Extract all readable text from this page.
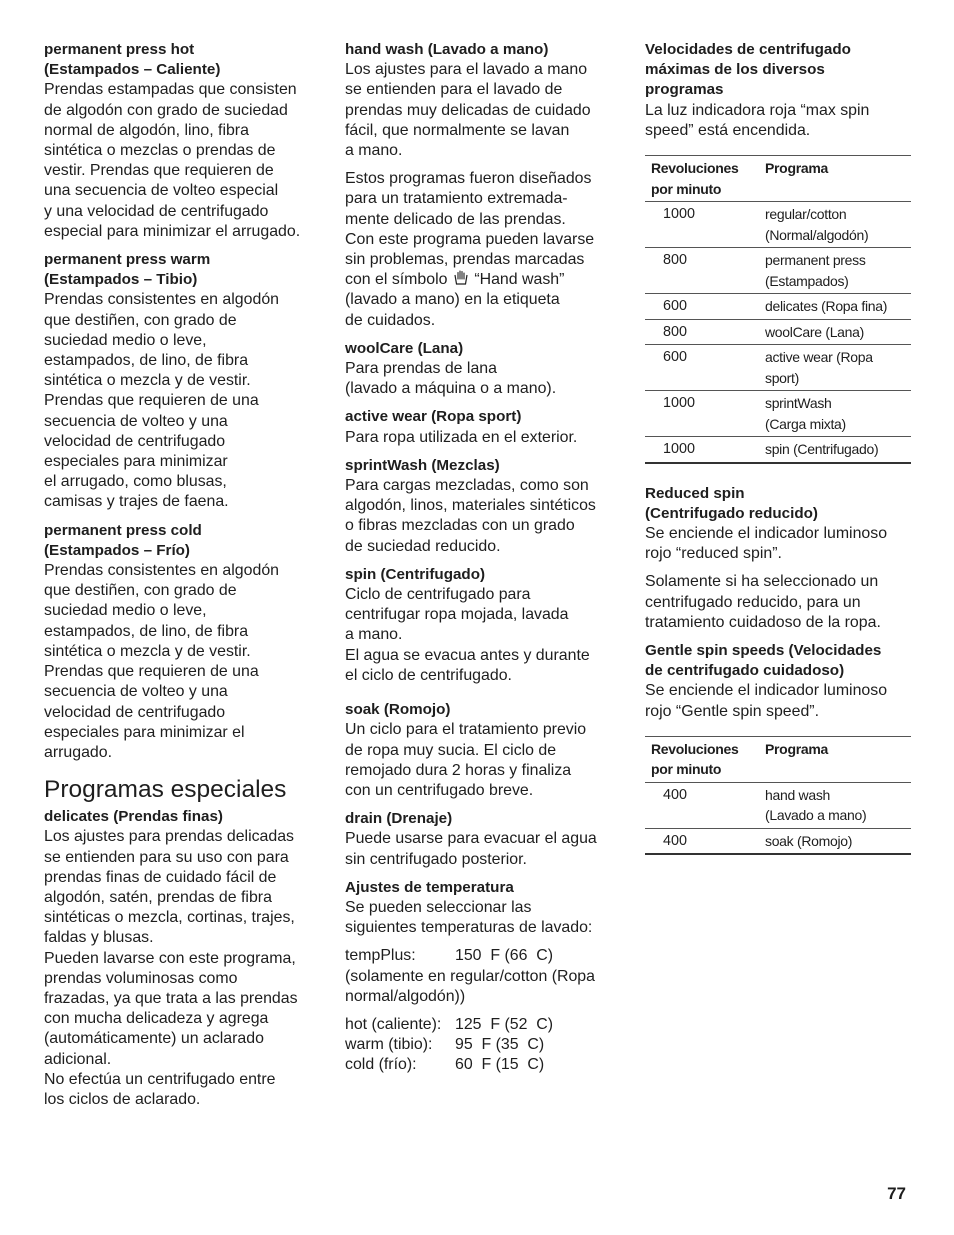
permanent press hot
(Estampados – Caliente)
Prendas estampadas que consisten
de algodón con grado de suciedad
normal de algodón, lino, fibra
sintética o mezclas o prendas de
vestir. Prendas que requieren de
una secuencia de volteo especial
y una velocidad de centrifugado
especial para minimizar el arrugado.
permanent press warm
(Estampados – Tibio)
Prendas consistentes en algodón
que destiñen, con grado de
suciedad medio o leve,
estampados, de lino, de fibra
sintética o mezcla y de vestir.
Prendas que requieren de una
secuencia de volteo y una
velocidad de centrifugado
especiales para minimizar
el arrugado, como blusas,
camisas y trajes de faena.
permanent press cold
(Estampados – Frío)
Prendas consistentes en algodón
que destiñen, con grado de
suciedad medio o leve,
estampados, de lino, de fibra
sintética o mezcla y de vestir.
Prendas que requieren de una
secuencia de volteo y una
velocidad de centrifugado
especiales para minimizar el
arrugado.
Programas especiales
delicates (Prendas finas)
Los ajustes para prendas delicadas
se entienden para su uso con para
prendas finas de cuidado fácil de
algodón, satén, prendas de fibra
sintéticas o mezcla, cortinas, trajes,
faldas y blusas.
Pueden lavarse con este programa,
prendas voluminosas como
frazadas, ya que trata a las prendas
con mucha delicadeza y agrega
(automáticamente) un aclarado
adicional.
No efectúa un centrifugado entre
los ciclos de aclarado.
hand wash (Lavado a mano)
Los ajustes para el lavado a mano
se entienden para el lavado de
prendas muy delicadas de cuidado
fácil, que normalmente se lavan
a mano.
Estos programas fueron diseñados
para un tratamiento extremada-
mente delicado de las prendas.
Con este programa pueden lavarse
sin problemas, prendas marcadas
con el símbolo “Hand wash”
(lavado a mano) en la etiqueta
de cuidados.
woolCare (Lana)
Para prendas de lana
(lavado a máquina o a mano).
active wear (Ropa sport)
Para ropa utilizada en el exterior.
sprintWash (Mezclas)
Para cargas mezcladas, como son
algodón, linos, materiales sintéticos
o fibras mezcladas con un grado
de suciedad reducido.
spin (Centrifugado)
Ciclo de centrifugado para
centrifugar ropa mojada, lavada
a mano.
El agua se evacua antes y durante
el ciclo de centrifugado.
soak (Romojo)
Un ciclo para el tratamiento previo
de ropa muy sucia. El ciclo de
remojado dura 2 horas y finaliza
con un centrifugado breve.
drain (Drenaje)
Puede usarse para evacuar el agua
sin centrifugado posterior.
Ajustes de temperatura
Se pueden seleccionar las
siguientes temperaturas de lavado:
tempPlus:	150  F (66  C)
(solamente en regular/cotton (Ropa
normal/algodón))
hot (caliente): 125  F (52  C)
warm (tibio):	95  F (35  C)
cold (frío):	60  F (15  C)
Velocidades de centrifugado
máximas de los diversos
programas
La luz indicadora roja “max spin
speed” está encendida.
Revoluciones por minuto	Programa
1000	regular/cotton
(Normal/algodón)

800	permanent press
(Estampados)

600	delicates (Ropa fina)

800	woolCare (Lana)

600	active wear (Ropa
sport)

1000	sprintWash
(Carga mixta)

1000	spin (Centrifugado)
Reduced spin
(Centrifugado reducido)
Se enciende el indicador luminoso
rojo “reduced spin”.
Solamente si ha seleccionado un
centrifugado reducido, para un
tratamiento cuidadoso de la ropa.
Gentle spin speeds (Velocidades
de centrifugado cuidadoso)
Se enciende el indicador luminoso
rojo “Gentle spin speed”.
Revoluciones por minuto	Programa
400	hand wash
(Lavado a mano)

400	soak (Romojo)
77
